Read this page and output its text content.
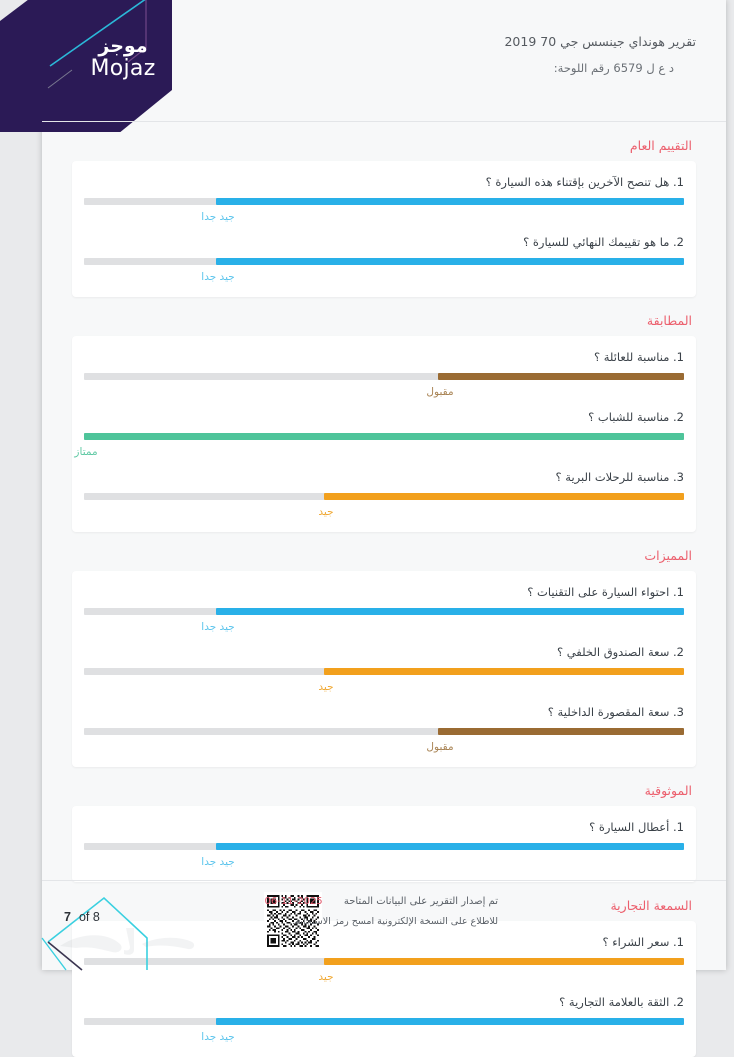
موجز
Mojaz
تقرير هونداي جينسس جي 70 2019
د ع ل 6579 رقم اللوحة:
التقييم العام
1. هل تنصح الآخرين بإقتناء هذه السيارة ؟
جيد جدا
2. ما هو تقييمك النهائي للسيارة ؟
جيد جدا
المطابقة
1. مناسبة للعائلة ؟
مقبول
2. مناسبة للشباب ؟
ممتاز
3. مناسبة للرحلات البرية ؟
جيد
المميزات
1. احتواء السيارة على التقنيات ؟
جيد جدا
2. سعة الصندوق الخلفي ؟
جيد
3. سعة المقصورة الداخلية ؟
مقبول
الموثوقية
1. أعطال السيارة ؟
جيد جدا
السمعة التجارية
1. سعر الشراء ؟
جيد
2. الثقة بالعلامة التجارية ؟
جيد جدا
7 of 8
تم إصدار التقرير على البيانات المتاحة 2025-11-06
للاطلاع على النسخة الإلكترونية امسح رمز الاستجابة.
